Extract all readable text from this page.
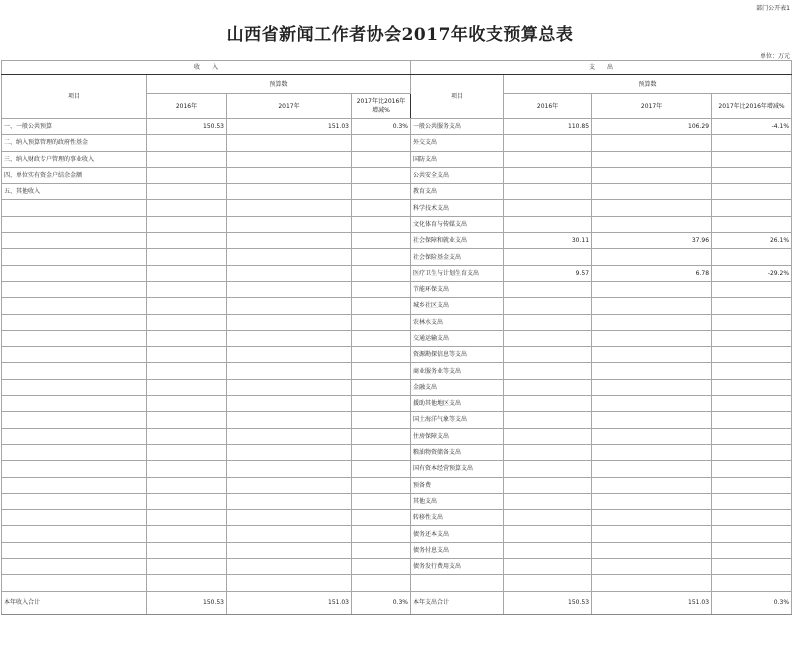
部门公开表1
山西省新闻工作者协会2017年收支预算总表
单位：万元
收　　入				支　　出			
项目	预算数			项目	预算数		
	2016年	2017年	2017年比2016年增减%		2016年	2017年	2017年比2016年增减%
一、一般公共预算	150.53	151.03	0.3%	一般公共服务支出	110.85	106.29	-4.1%
二、纳入预算管理的政府性基金				外交支出			
三、纳入财政专户管理的事业收入				国防支出			
四、单位实有资金户结余金额				公共安全支出			
五、其他收入				教育支出			
				科学技术支出			
				文化体育与传媒支出			
				社会保障和就业支出	30.11	37.96	26.1%
				社会保险基金支出			
				医疗卫生与计划生育支出	9.57	6.78	-29.2%
				节能环保支出			
				城乡社区支出			
				农林水支出			
				交通运输支出			
				资源勘探信息等支出			
				商业服务业等支出			
				金融支出			
				援助其他地区支出			
				国土海洋气象等支出			
				住房保障支出			
				粮油物资储备支出			
				国有资本经营预算支出			
				预备费			
				其他支出			
				转移性支出			
				债务还本支出			
				债务付息支出			
				债务发行费用支出			

本年收入合计	150.53	151.03	0.3%	本年支出合计	150.53	151.03	0.3%
